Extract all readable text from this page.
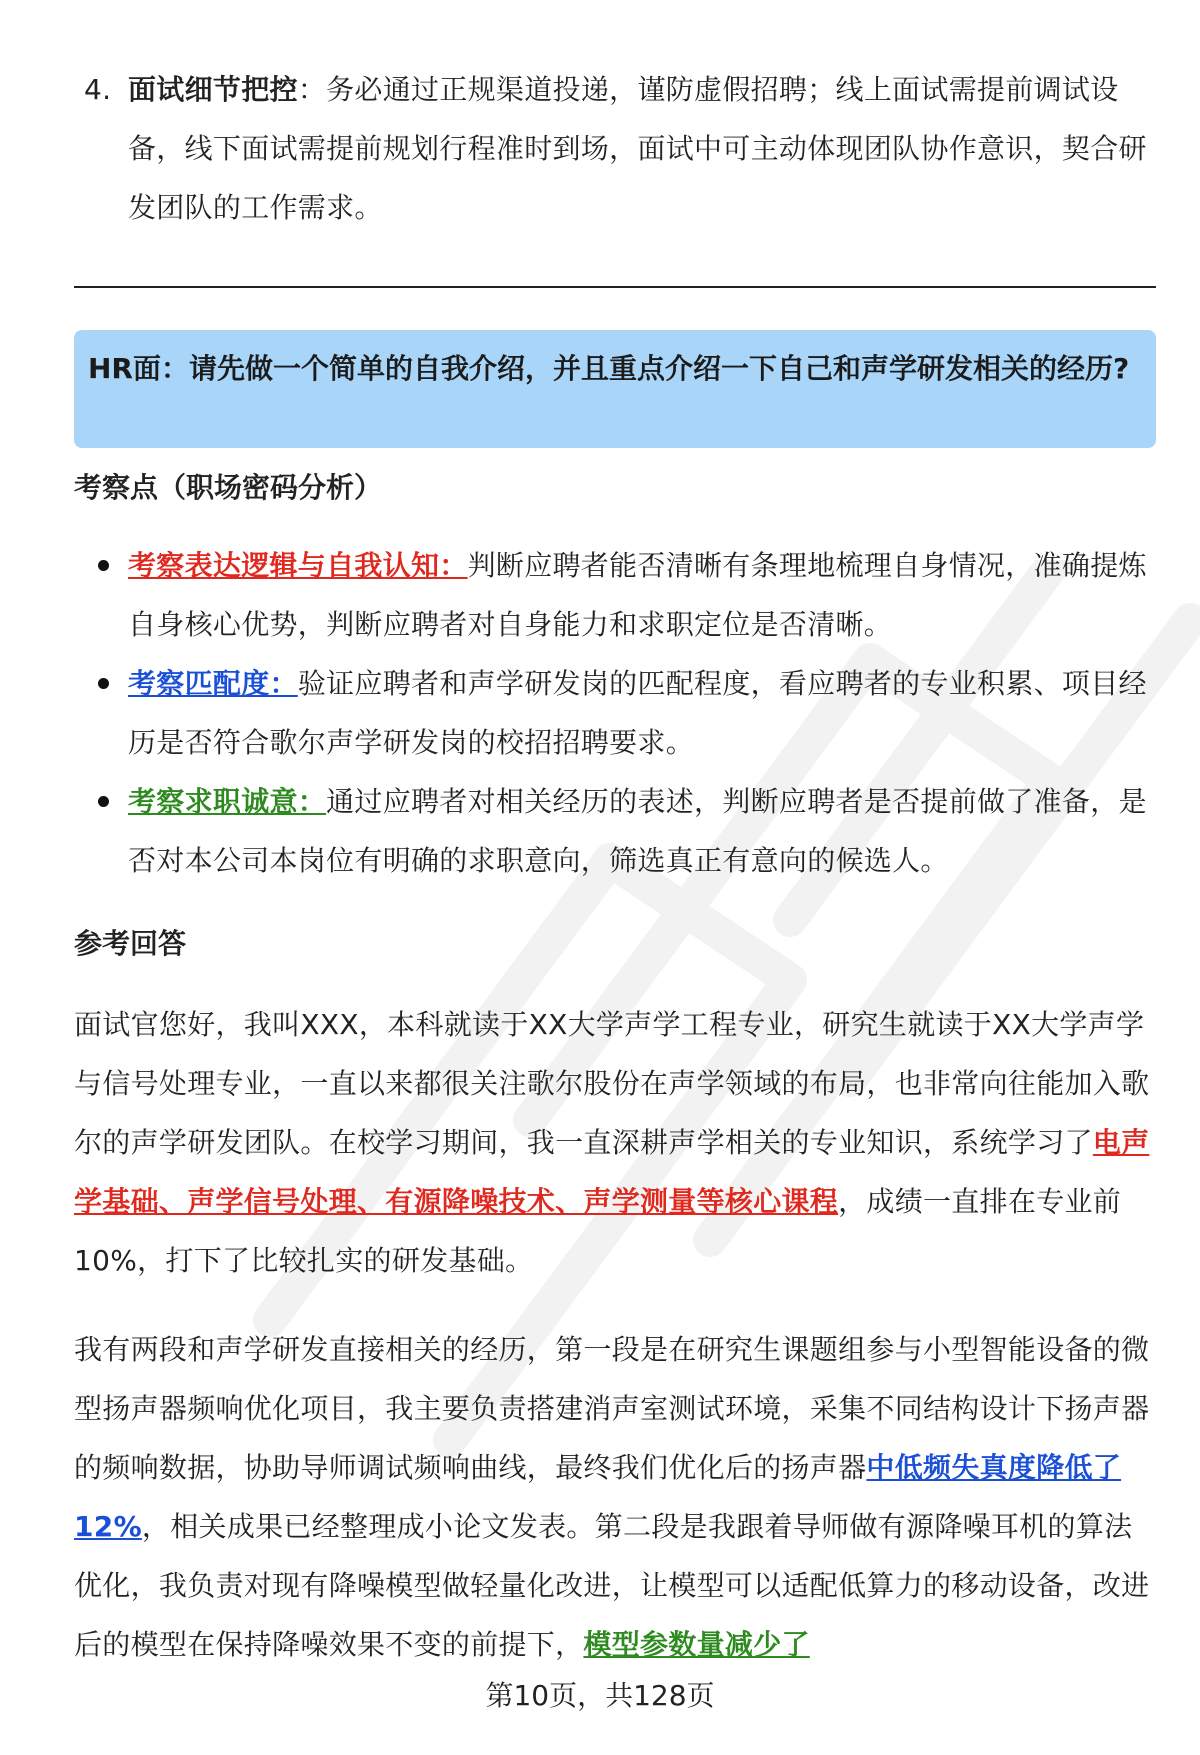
4. 面试细节把控：务必通过正规渠道投递，谨防虚假招聘；线上面试需提前调试设备，线下面试需提前规划行程准时到场，面试中可主动体现团队协作意识，契合研发团队的工作需求。
HR面：请先做一个简单的自我介绍，并且重点介绍一下自己和声学研发相关的经历?
考察点（职场密码分析）
考察表达逻辑与自我认知：判断应聘者能否清晰有条理地梳理自身情况，准确提炼自身核心优势，判断应聘者对自身能力和求职定位是否清晰。
考察匹配度：验证应聘者和声学研发岗的匹配程度，看应聘者的专业积累、项目经历是否符合歌尔声学研发岗的校招招聘要求。
考察求职诚意：通过应聘者对相关经历的表述，判断应聘者是否提前做了准备，是否对本公司本岗位有明确的求职意向，筛选真正有意向的候选人。
参考回答
面试官您好，我叫XXX，本科就读于XX大学声学工程专业，研究生就读于XX大学声学与信号处理专业，一直以来都很关注歌尔股份在声学领域的布局，也非常向往能加入歌尔的声学研发团队。在校学习期间，我一直深耕声学相关的专业知识，系统学习了电声学基础、声学信号处理、有源降噪技术、声学测量等核心课程，成绩一直排在专业前10%，打下了比较扎实的研发基础。
我有两段和声学研发直接相关的经历，第一段是在研究生课题组参与小型智能设备的微型扬声器频响优化项目，我主要负责搭建消声室测试环境，采集不同结构设计下扬声器的频响数据，协助导师调试频响曲线，最终我们优化后的扬声器中低频失真度降低了12%，相关成果已经整理成小论文发表。第二段是我跟着导师做有源降噪耳机的算法优化，我负责对现有降噪模型做轻量化改进，让模型可以适配低算力的移动设备，改进后的模型在保持降噪效果不变的前提下，模型参数量减少了
第10页，共128页
